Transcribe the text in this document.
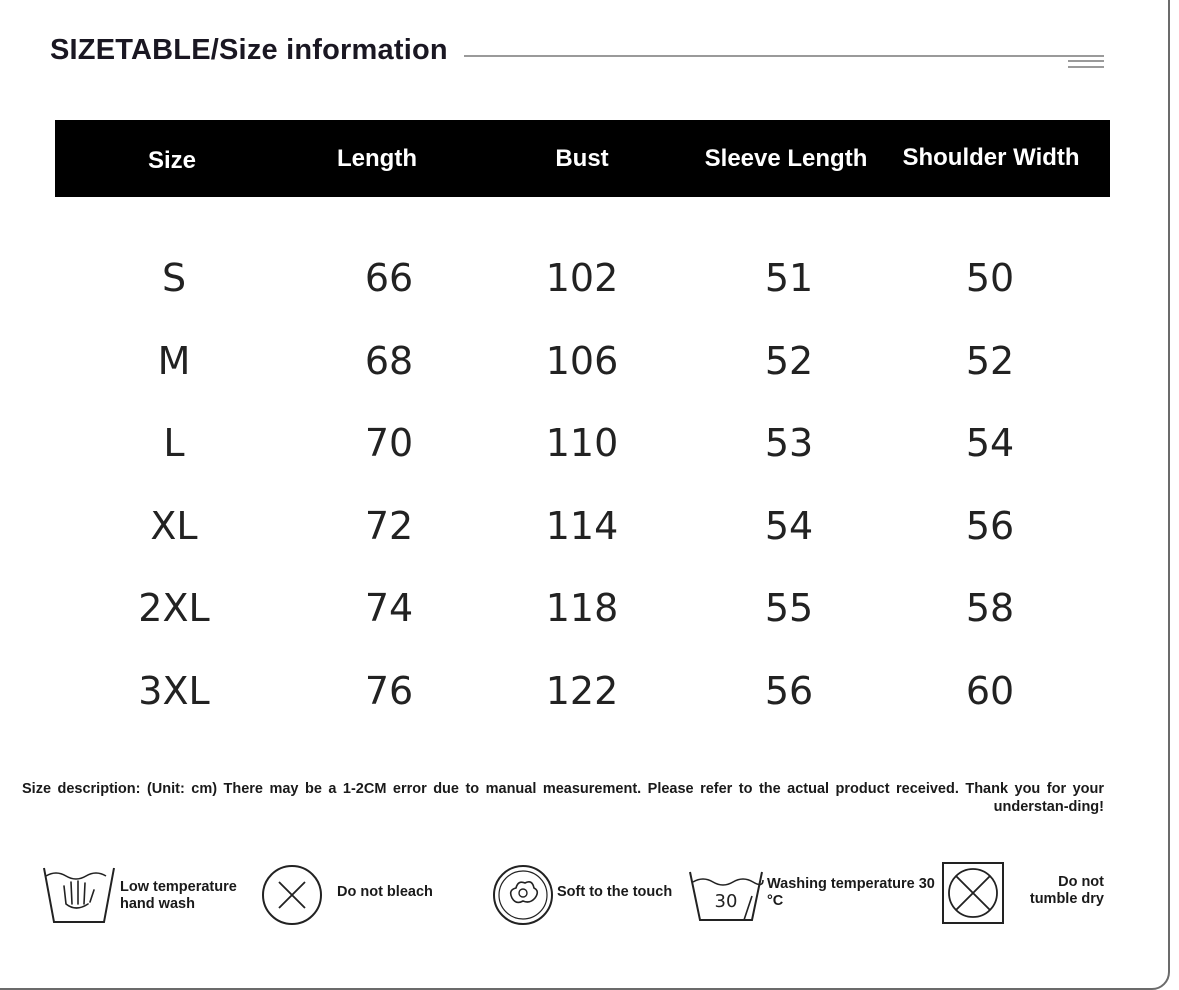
SIZETABLE/Size information
Size	Length	Bust	Sleeve Length	Shoulder Width
S	66	102	51	50
M	68	106	52	52
L	70	110	53	54
XL	72	114	54	56
2XL	74	118	55	58
3XL	76	122	56	60
Size description: (Unit: cm) There may be a 1-2CM error due to manual measurement. Please refer to the actual product received. Thank you for your understan-ding!
Low temperature
hand wash
Do not bleach	Soft to the touch 30
Washing temperature 30
°C
Do not
tumble dry
